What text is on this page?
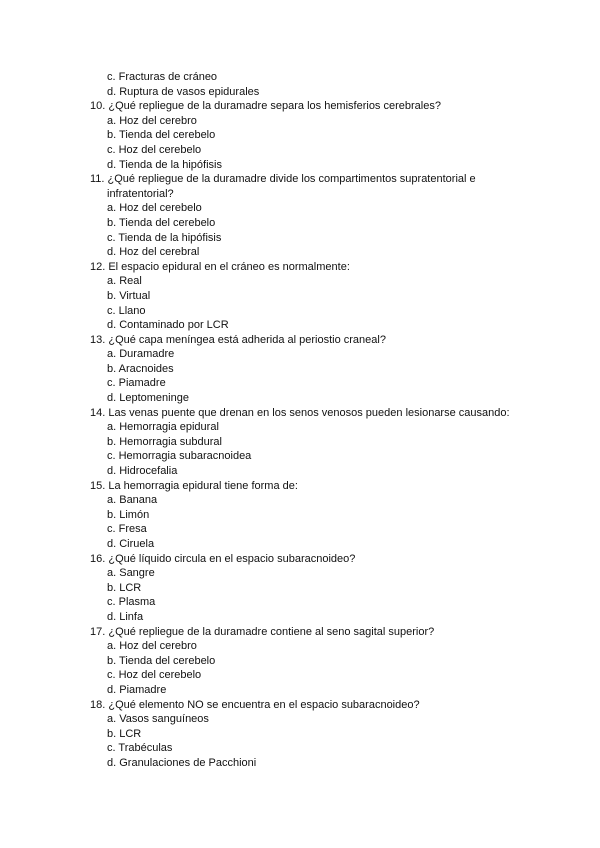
c. Fracturas de cráneo
d. Ruptura de vasos epidurales
10. ¿Qué repliegue de la duramadre separa los hemisferios cerebrales?
a. Hoz del cerebro
b. Tienda del cerebelo
c. Hoz del cerebelo
d. Tienda de la hipófisis
11. ¿Qué repliegue de la duramadre divide los compartimentos supratentorial e
infratentorial?
a. Hoz del cerebelo
b. Tienda del cerebelo
c. Tienda de la hipófisis
d. Hoz del cerebral
12. El espacio epidural en el cráneo es normalmente:
a. Real
b. Virtual
c. Llano
d. Contaminado por LCR
13. ¿Qué capa meníngea está adherida al periostio craneal?
a. Duramadre
b. Aracnoides
c. Piamadre
d. Leptomeninge
14. Las venas puente que drenan en los senos venosos pueden lesionarse causando:
a. Hemorragia epidural
b. Hemorragia subdural
c. Hemorragia subaracnoidea
d. Hidrocefalia
15. La hemorragia epidural tiene forma de:
a. Banana
b. Limón
c. Fresa
d. Ciruela
16. ¿Qué líquido circula en el espacio subaracnoideo?
a. Sangre
b. LCR
c. Plasma
d. Linfa
17. ¿Qué repliegue de la duramadre contiene al seno sagital superior?
a. Hoz del cerebro
b. Tienda del cerebelo
c. Hoz del cerebelo
d. Piamadre
18. ¿Qué elemento NO se encuentra en el espacio subaracnoideo?
a. Vasos sanguíneos
b. LCR
c. Trabéculas
d. Granulaciones de Pacchioni
